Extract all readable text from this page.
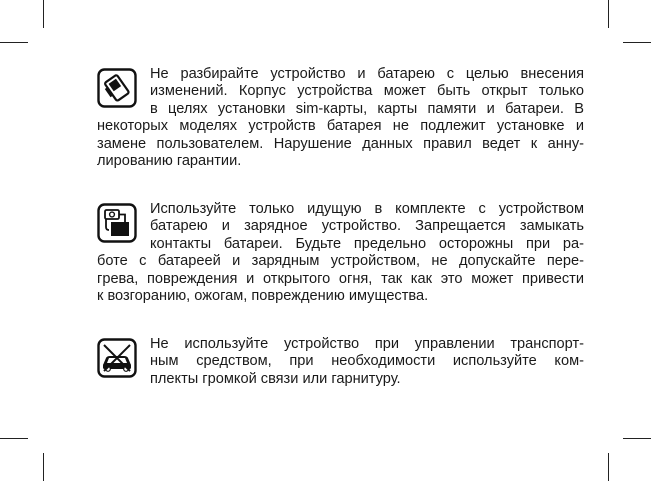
Не разбирайте устройство и батарею с целью внесения
изменений. Корпус устройства может быть открыт только
в целях установки sim-карты, карты памяти и батареи. В
некоторых моделях устройств батарея не подлежит установке и
замене пользователем. Нарушение данных правил ведет к анну-
лированию гарантии.
Используйте только идущую в комплекте с устройством
батарею и зарядное устройство. Запрещается замыкать
контакты батареи. Будьте предельно осторожны при ра-
боте с батареей и зарядным устройством, не допускайте пере-
грева, повреждения и открытого огня, так как это может привести
к возгоранию, ожогам, повреждению имущества.
Не используйте устройство при управлении транспорт-
ным средством, при необходимости используйте ком-
плекты громкой связи или гарнитуру.
